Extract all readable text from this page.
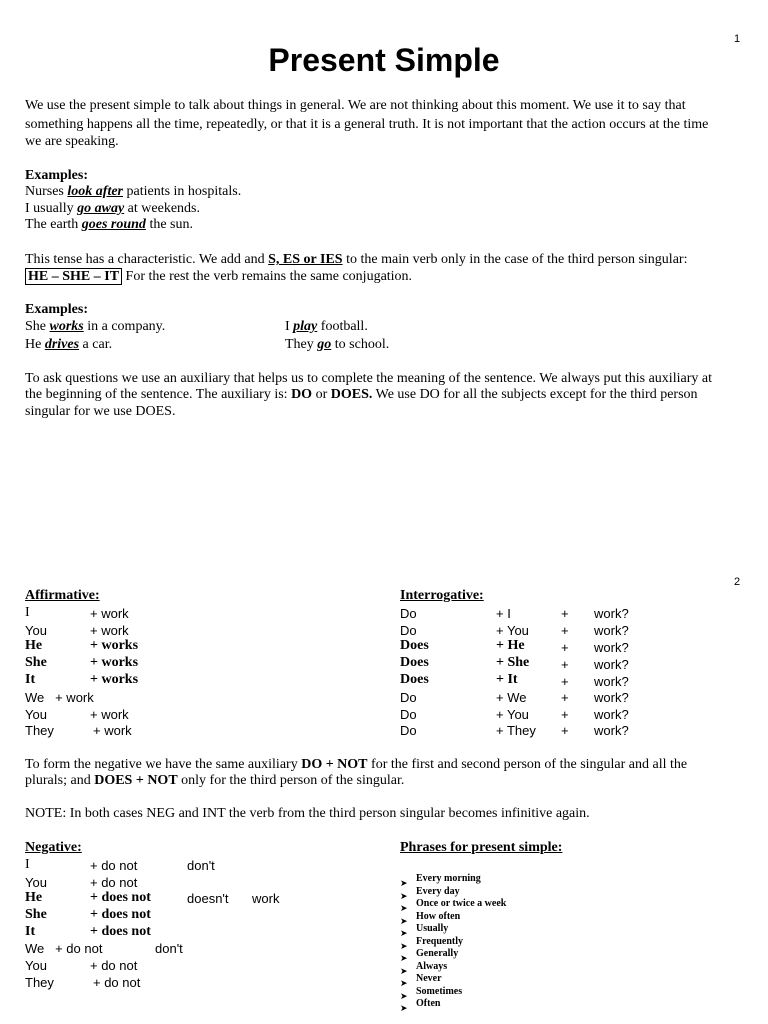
1
Present Simple
We use the present simple to talk about things in general. We are not thinking about this moment. We use it to say that
something happens all the time, repeatedly, or that it is a general truth. It is not important that the action occurs at the time
we are speaking.
Examples:
Nurses look after patients in hospitals.
I usually go away at weekends.
The earth goes round the sun.
This tense has a characteristic. We add and S, ES or IES to the main verb only in the case of the third person singular:
HE – SHE – IT For the rest the verb remains the same conjugation.
Examples:
She works in a company.
He drives a car.
I play football.
They go to school.
To ask questions we use an auxiliary that helps us to complete the meaning of the sentence. We always put this auxiliary at
the beginning of the sentence. The auxiliary is: DO or DOES. We use DO for all the subjects except for the third person
singular for we use DOES.
2
Affirmative:
I	+ work
You	+ work
He	+ works
She	+ works
It	+ works
We   + work
You	+ work
They	+ work
Interrogative:
Do	+ I	+ work?
Do	+ You + work?
Does	+ He	+ work?
Does	+ She + work?
Does	+ It	+ work?
Do	+ We	+ work?
Do	+ You + work?
Do	+ They + work?
To form the negative we have the same auxiliary DO + NOT for the first and second person of the singular and all the
plurals; and DOES + NOT only for the third person of the singular.
NOTE: In both cases NEG and INT the verb from the third person singular becomes infinitive again.
Negative:
I	+ do not	don't
You	+ do not
He	+ does not	doesn't work
She	+ does not
It	+ does not
We   + do not	don't
You	+ do not
They	+ do not
Phrases for present simple:
➤ Every morning
➤ Every day
➤ Once or twice a week
➤ How often
➤ Usually
➤ Frequently
➤ Generally
➤ Always
➤ Never
➤ Sometimes
➤ Often
